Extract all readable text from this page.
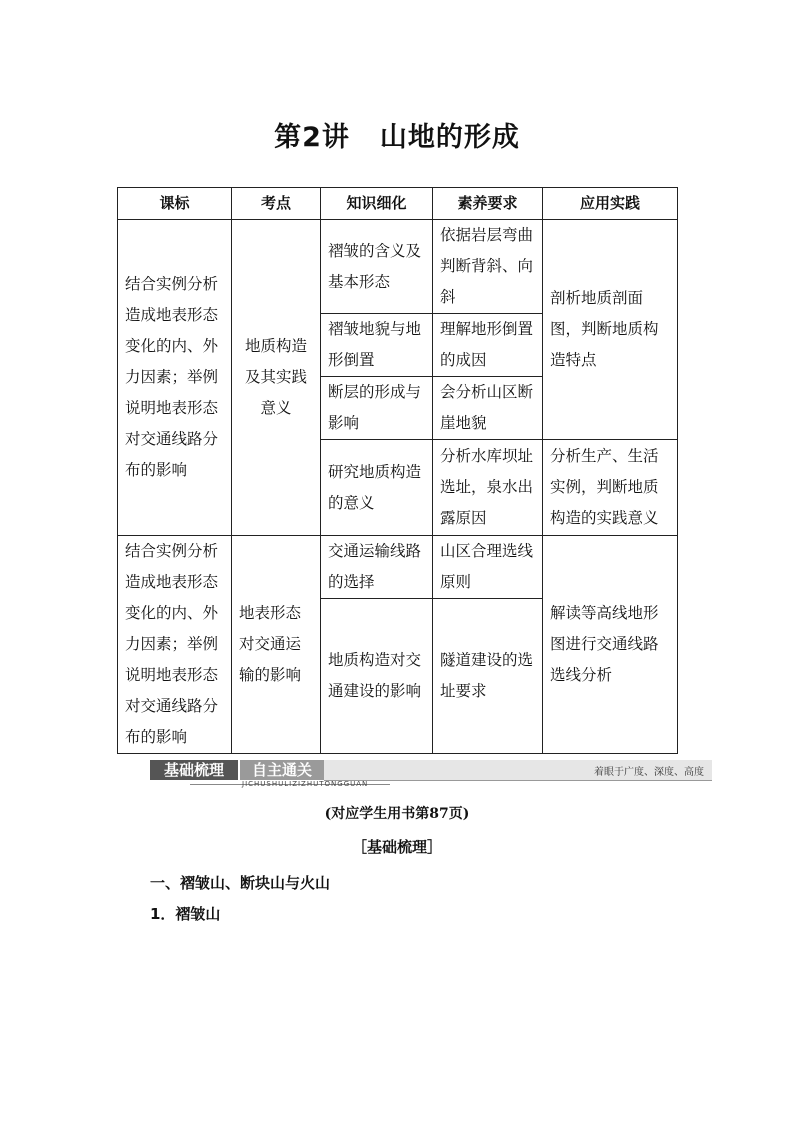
第2讲 山地的形成
课标	考点	知识细化	素养要求	应用实践
结合实例分析造成地表形态变化的内、外力因素；举例说明地表形态对交通线路分布的影响	地质构造及其实践意义	褶皱的含义及基本形态	依据岩层弯曲判断背斜、向斜	剖析地质剖面图，判断地质构造特点
		褶皱地貌与地形倒置	理解地形倒置的成因	
		断层的形成与影响	会分析山区断崖地貌	
		研究地质构造的意义	分析水库坝址选址，泉水出露原因	分析生产、生活实例，判断地质构造的实践意义
结合实例分析造成地表形态变化的内、外力因素；举例说明地表形态对交通线路分布的影响	地表形态对交通运输的影响	交通运输线路的选择	山区合理选线原则	解读等高线地形图进行交通线路选线分析
		地质构造对交通建设的影响	隧道建设的选址要求	
基础梳理	自主通关
JICHUSHULIZIZHUTONGGUAN
着眼于广度、深度、高度
(对应学生用书第87页)
［基础梳理］
一、褶皱山、断块山与火山
1．褶皱山
